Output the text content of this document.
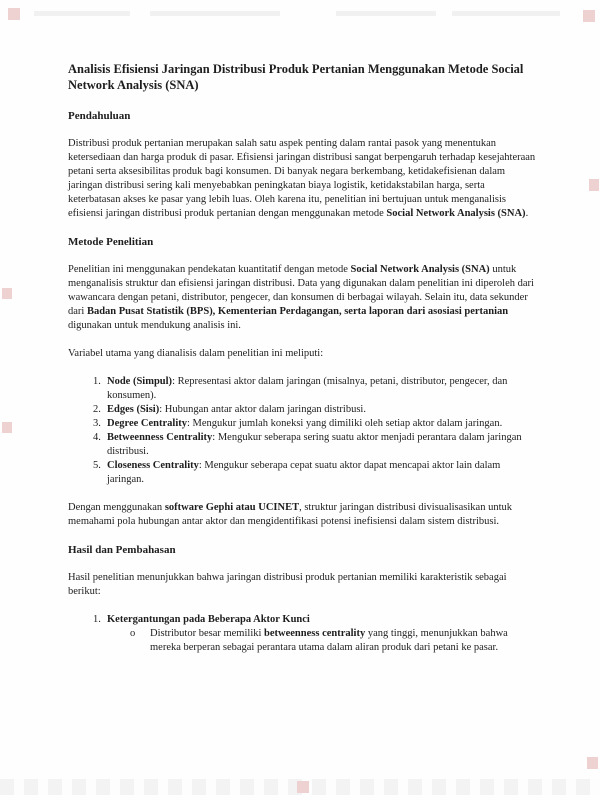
Analisis Efisiensi Jaringan Distribusi Produk Pertanian Menggunakan Metode Social Network Analysis (SNA)
Pendahuluan

Distribusi produk pertanian merupakan salah satu aspek penting dalam rantai pasok yang menentukan ketersediaan dan harga produk di pasar. Efisiensi jaringan distribusi sangat berpengaruh terhadap kesejahteraan petani serta aksesibilitas produk bagi konsumen. Di banyak negara berkembang, ketidakefisienan dalam jaringan distribusi sering kali menyebabkan peningkatan biaya logistik, ketidakstabilan harga, serta keterbatasan akses ke pasar yang lebih luas. Oleh karena itu, penelitian ini bertujuan untuk menganalisis efisiensi jaringan distribusi produk pertanian dengan menggunakan metode Social Network Analysis (SNA).

Metode Penelitian

Penelitian ini menggunakan pendekatan kuantitatif dengan metode Social Network Analysis (SNA) untuk menganalisis struktur dan efisiensi jaringan distribusi. Data yang digunakan dalam penelitian ini diperoleh dari wawancara dengan petani, distributor, pengecer, dan konsumen di berbagai wilayah. Selain itu, data sekunder dari Badan Pusat Statistik (BPS), Kementerian Perdagangan, serta laporan dari asosiasi pertanian digunakan untuk mendukung analisis ini.

Variabel utama yang dianalisis dalam penelitian ini meliputi:

1. Node (Simpul): Representasi aktor dalam jaringan (misalnya, petani, distributor, pengecer, dan konsumen).
2. Edges (Sisi): Hubungan antar aktor dalam jaringan distribusi.
3. Degree Centrality: Mengukur jumlah koneksi yang dimiliki oleh setiap aktor dalam jaringan.
4. Betweenness Centrality: Mengukur seberapa sering suatu aktor menjadi perantara dalam jaringan distribusi.
5. Closeness Centrality: Mengukur seberapa cepat suatu aktor dapat mencapai aktor lain dalam jaringan.

Dengan menggunakan software Gephi atau UCINET, struktur jaringan distribusi divisualisasikan untuk memahami pola hubungan antar aktor dan mengidentifikasi potensi inefisiensi dalam sistem distribusi.

Hasil dan Pembahasan

Hasil penelitian menunjukkan bahwa jaringan distribusi produk pertanian memiliki karakteristik sebagai berikut:

1. Ketergantungan pada Beberapa Aktor Kunci
o Distributor besar memiliki betweenness centrality yang tinggi, menunjukkan bahwa mereka berperan sebagai perantara utama dalam aliran produk dari petani ke pasar.
